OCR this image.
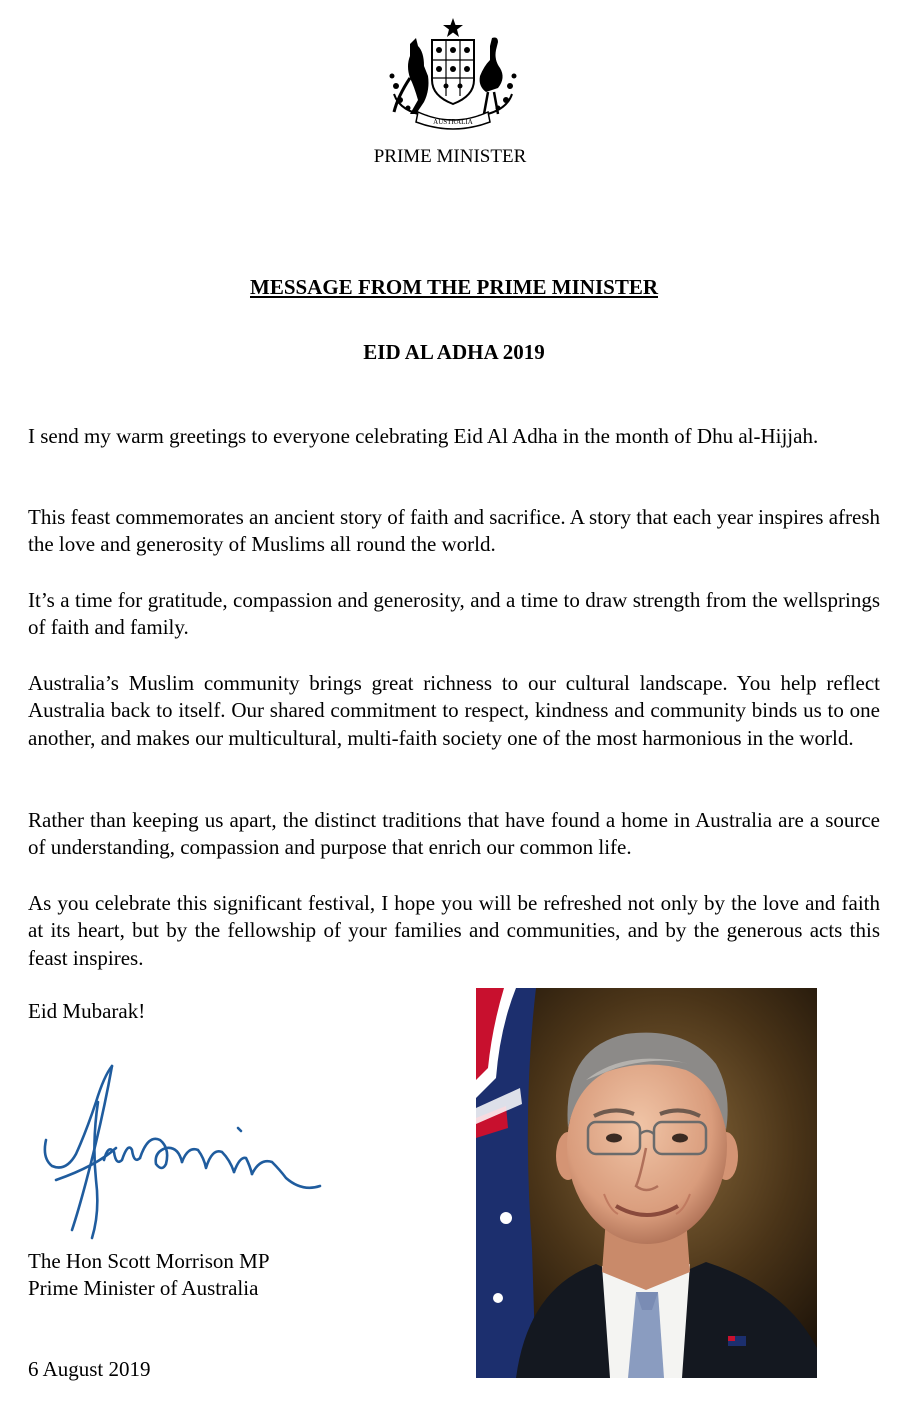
AUSTRALIA
PRIME MINISTER
MESSAGE FROM THE PRIME MINISTER
EID AL ADHA 2019

I send my warm greetings to everyone celebrating Eid Al Adha in the month of Dhu al-Hijjah.

This feast commemorates an ancient story of faith and sacrifice. A story that each year inspires afresh the love and generosity of Muslims all round the world.

It’s a time for gratitude, compassion and generosity, and a time to draw strength from the wellsprings of faith and family.

Australia’s Muslim community brings great richness to our cultural landscape. You help reflect Australia back to itself. Our shared commitment to respect, kindness and community binds us to one another, and makes our multicultural, multi-faith society one of the most harmonious in the world.

Rather than keeping us apart, the distinct traditions that have found a home in Australia are a source of understanding, compassion and purpose that enrich our common life.

As you celebrate this significant festival, I hope you will be refreshed not only by the love and faith at its heart, but by the fellowship of your families and communities, and by the generous acts this feast inspires.

Eid Mubarak!
The Hon Scott Morrison MP
Prime Minister of Australia
6 August 2019
